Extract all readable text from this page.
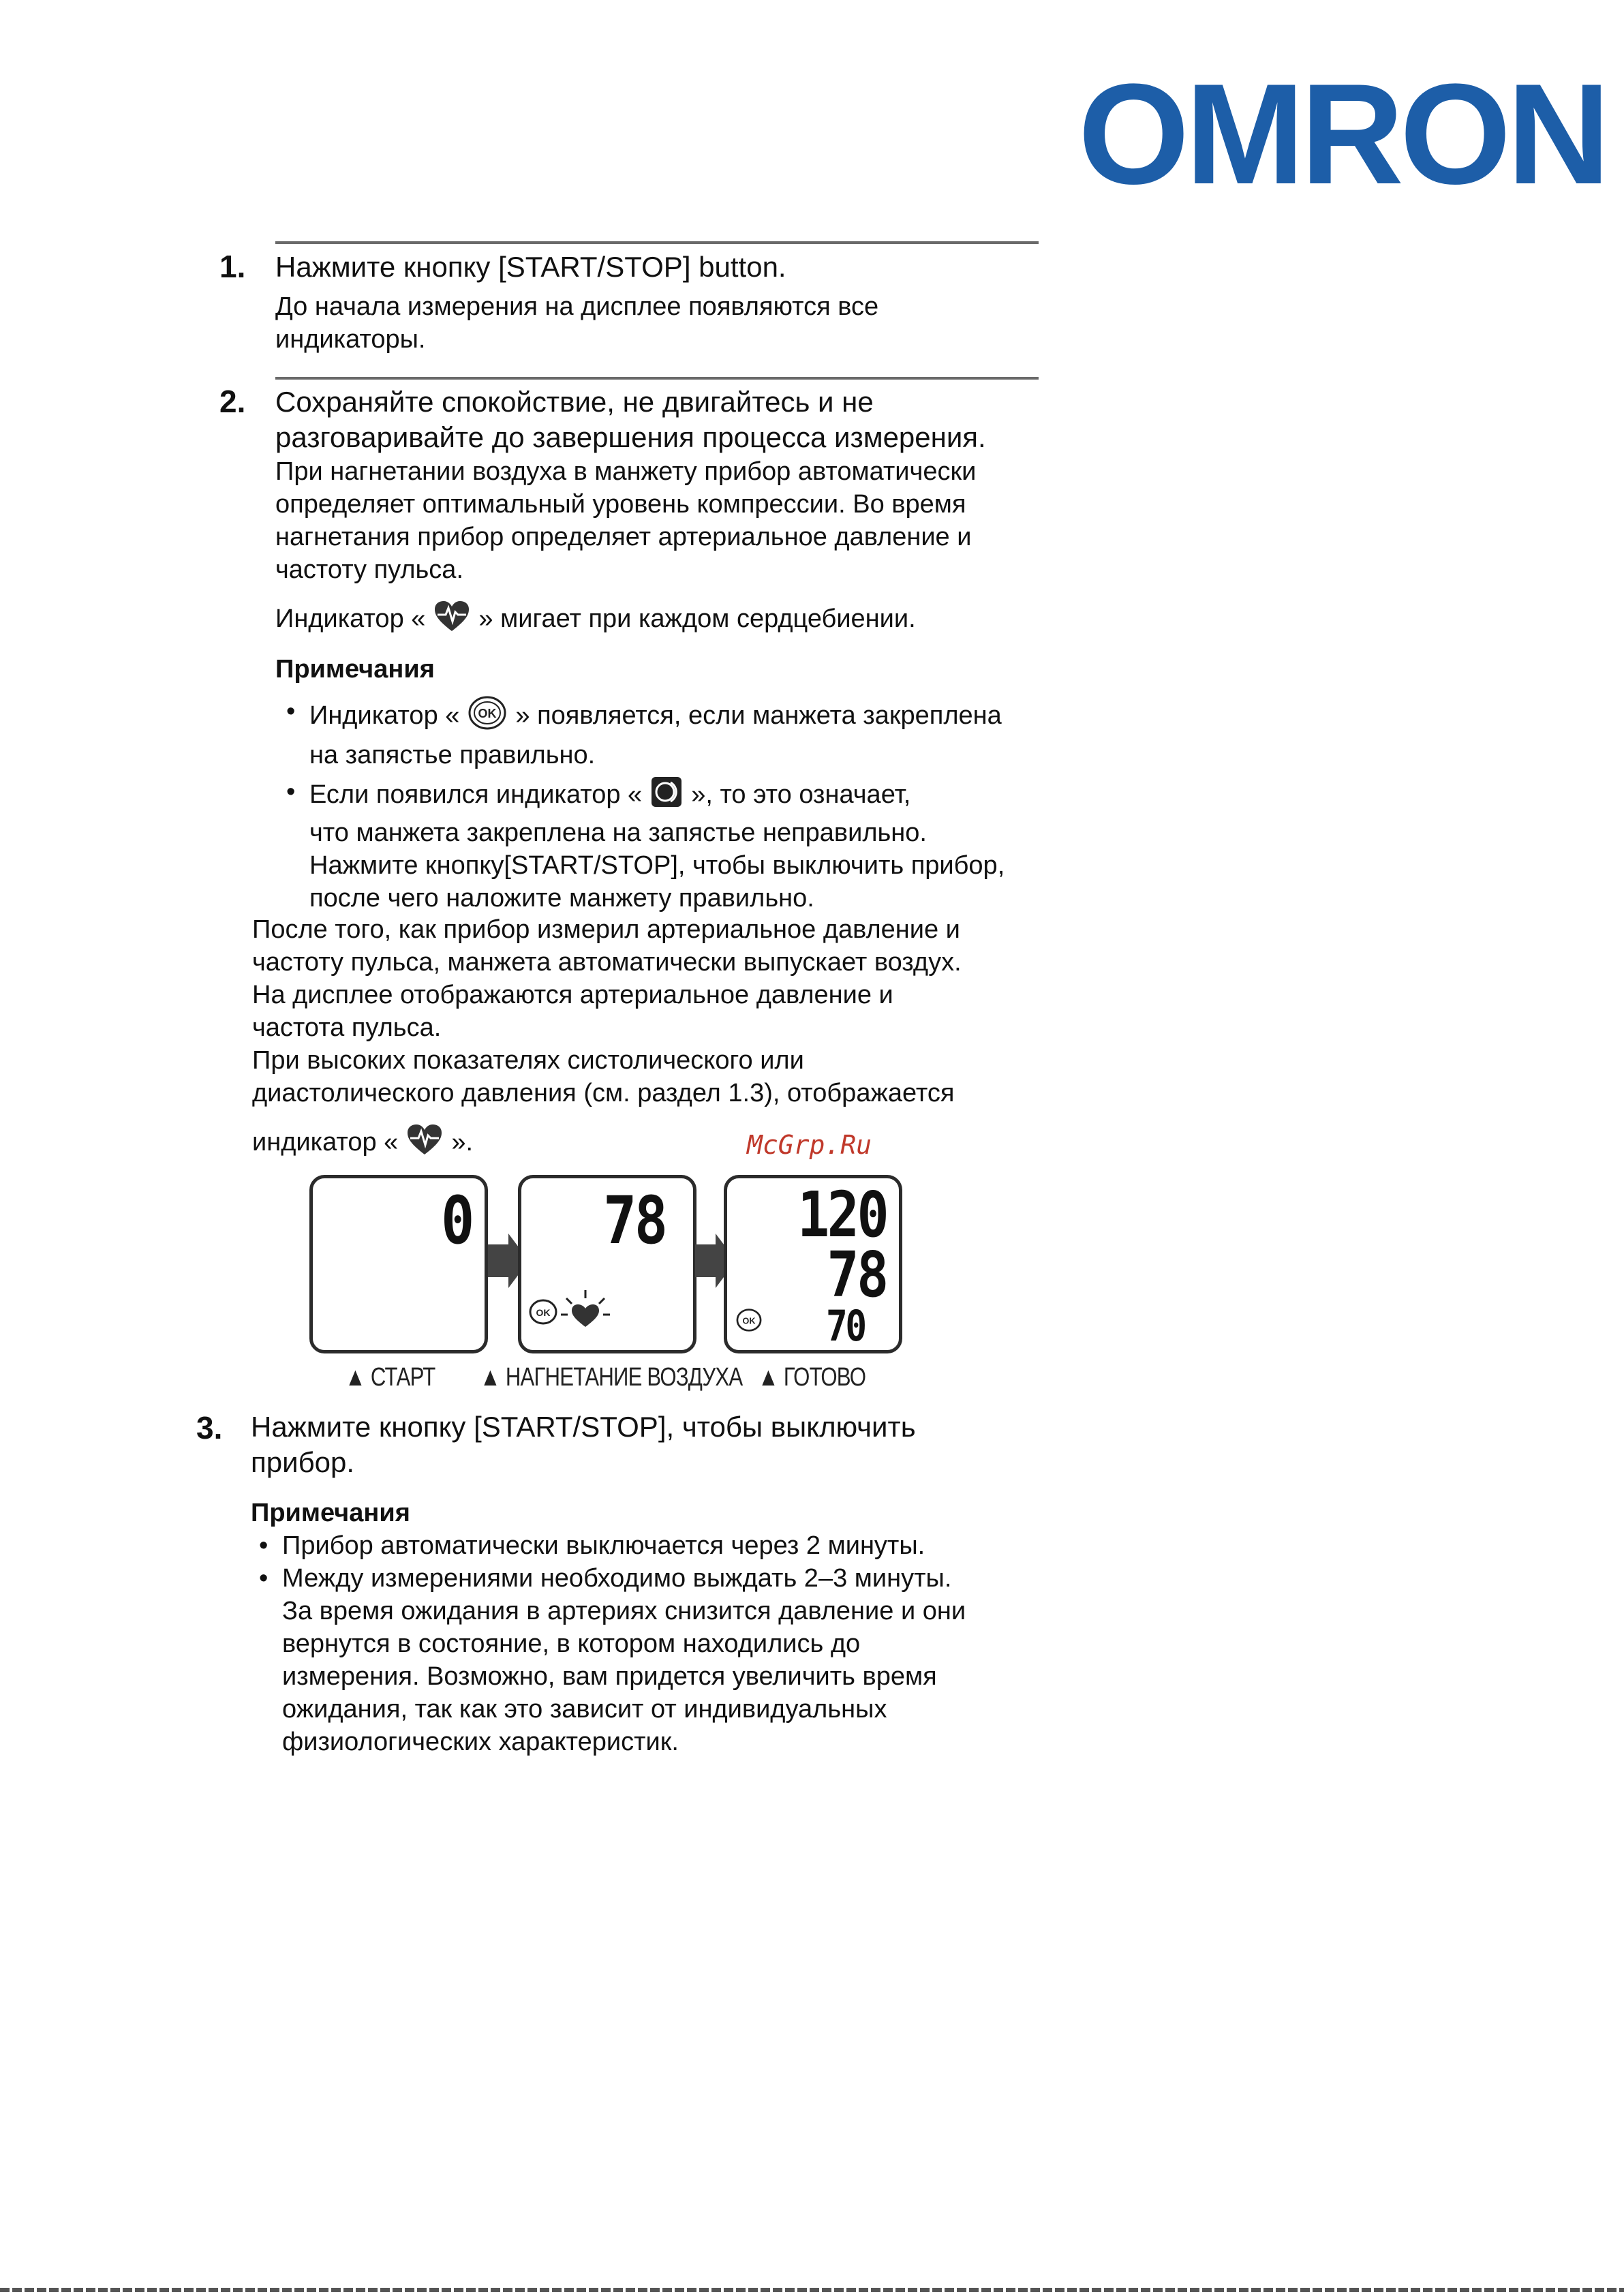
OMRON
1. Нажмите кнопку [START/STOP] button.
До начала измерения на дисплее появляются все
индикаторы.
2. Сохраняйте спокойствие, не двигайтесь и не
разговаривайте до завершения процесса измерения.
При нагнетании воздуха в манжету прибор автоматически
определяет оптимальный уровень компрессии. Во время
нагнетания прибор определяет артериальное давление и
частоту пульса.
Индикатор « » мигает при каждом сердцебиении.
Примечания
• Индикатор « OK » появляется, если манжета закреплена
на запястье правильно.
• Если появился индикатор « », то это означает,
что манжета закреплена на запястье неправильно.
Нажмите кнопку[START/STOP], чтобы выключить прибор,
после чего наложите манжету правильно.
После того, как прибор измерил артериальное давление и
частоту пульса, манжета автоматически выпускает воздух.
На дисплее отображаются артериальное давление и
частота пульса.
При высоких показателях систолического или
диастолического давления (см. раздел 1.3), отображается
индикатор « ».	McGrp.Ru
0 78
OK
120
78
70
OK
▲ СТАРТ ▲ НАГНЕТАНИЕ ВОЗДУХА ▲ ГОТОВО
3. Нажмите кнопку [START/STOP], чтобы выключить
прибор.
Примечания
• Прибор автоматически выключается через 2 минуты.
• Между измерениями необходимо выждать 2–3 минуты.
За время ожидания в артериях снизится давление и они
вернутся в состояние, в котором находились до
измерения. Возможно, вам придется увеличить время
ожидания, так как это зависит от индивидуальных
физиологических характеристик.
